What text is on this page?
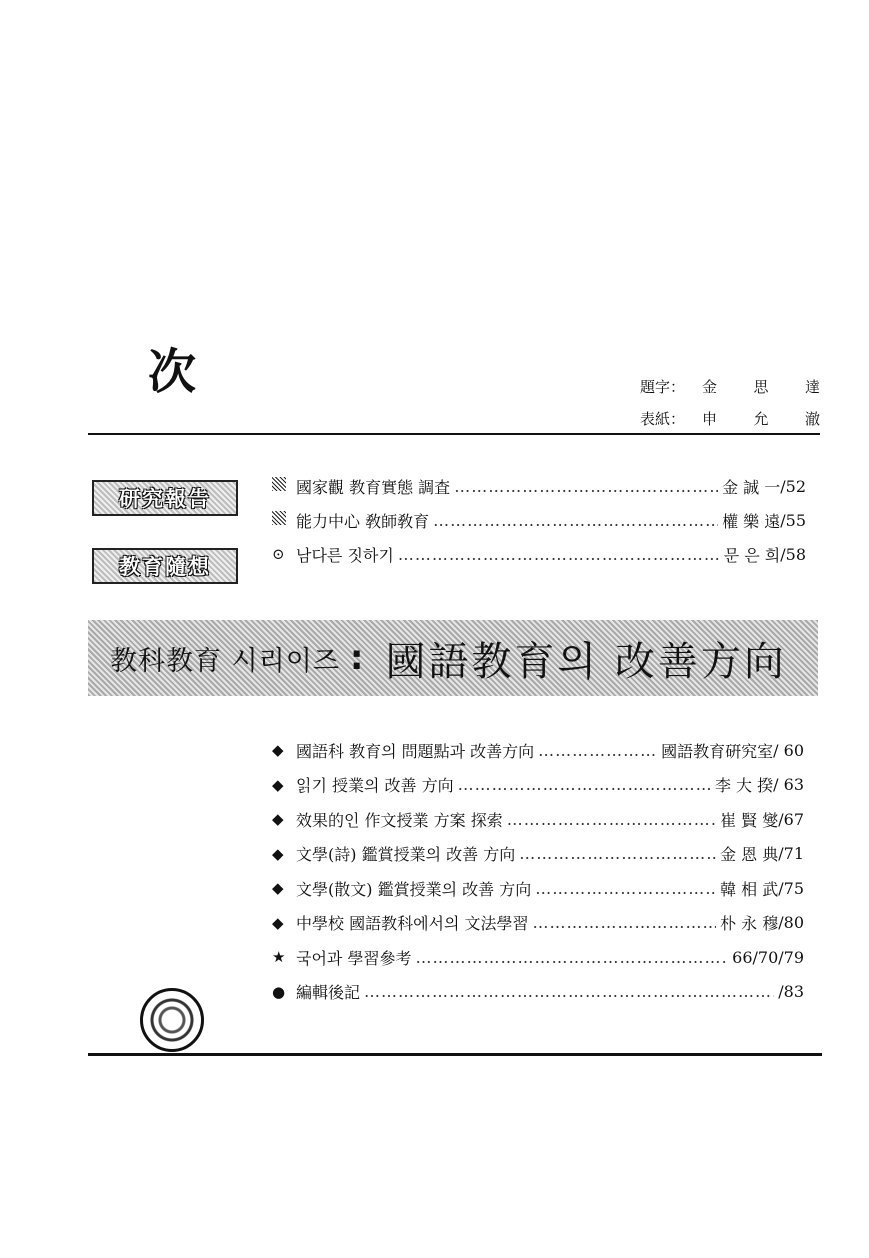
次	題字：	金 思 達
表紙：	申 允 澈
研究報告
教育隨想
國家觀 教育實態 調査 ……………………………………………………………………………………………………………………	金 誠 一 /52
能力中心 敎師敎育 ……………………………………………………………………………………………………………………	權 樂 遠 /55
⊙ 남다른 짓하기 ……………………………………………………………………………………………………………………	문 은 희 /58
教科教育 시리이즈 : 國語教育의 改善方向
◆ 國語科 教育의 問題點과 改善方向 ……………………………………………………………………………………………………………………	國語教育硏究室 / 60
◆ 읽기 授業의 改善 方向 ……………………………………………………………………………………………………………………	李 大 揆 / 63
◆ 效果的인 作文授業 方案 探索 ……………………………………………………………………………………………………………………	崔 賢 燮 /67
◆ 文學(詩) 鑑賞授業의 改善 方向 ……………………………………………………………………………………………………………………	金 恩 典 /71
◆ 文學(散文) 鑑賞授業의 改善 方向 ……………………………………………………………………………………………………………………	韓 相 武 /75
◆ 中學校 國語教科에서의 文法學習 ……………………………………………………………………………………………………………………	朴 永 穆 /80
★ 국어과 學習參考 ……………………………………………………………………………………………………………………	66/70/79
● 編輯後記 ……………………………………………………………………………………………………………………	/83
